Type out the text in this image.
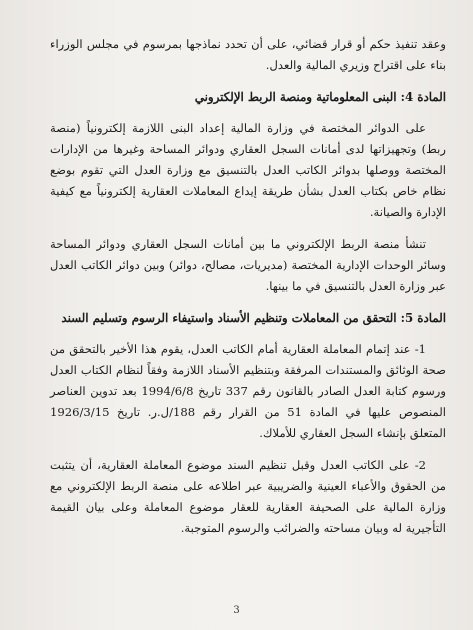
وعقد تنفيذ حكم أو قرار قضائي، على أن تحدد نماذجها بمرسوم في مجلس الوزراء بناء على اقتراح وزيري المالية والعدل.

المادة 4: البنى المعلوماتية ومنصة الربط الإلكتروني

على الدوائر المختصة في وزارة المالية إعداد البنى اللازمة إلكترونياً (منصة ربط) وتجهيزاتها لدى أمانات السجل العقاري ودوائر المساحة وغيرها من الإدارات المختصة ووصلها بدوائر الكاتب العدل بالتنسيق مع وزارة العدل التي تقوم بوضع نظام خاص بكتاب العدل بشأن طريقة إيداع المعاملات العقارية إلكترونياً مع كيفية الإدارة والصيانة.

تنشأ منصة الربط الإلكتروني ما بين أمانات السجل العقاري ودوائر المساحة وسائر الوحدات الإدارية المختصة (مديريات، مصالح، دوائر) وبين دوائر الكاتب العدل عبر وزارة العدل بالتنسيق في ما بينها.

المادة 5: التحقق من المعاملات وتنظيم الأسناد واستيفاء الرسوم وتسليم السند

1- عند إتمام المعاملة العقارية أمام الكاتب العدل، يقوم هذا الأخير بالتحقق من صحة الوثائق والمستندات المرفقة وبتنظيم الأسناد اللازمة وفقاً لنظام الكتاب العدل ورسوم كتابة العدل الصادر بالقانون رقم 337 تاريخ 1994/6/8 بعد تدوين العناصر المنصوص عليها في المادة 51 من القرار رقم 188/ل.ر. تاريخ 1926/3/15 المتعلق بإنشاء السجل العقاري للأملاك.

2- على الكاتب العدل وقبل تنظيم السند موضوع المعاملة العقارية، أن يتثبت من الحقوق والأعباء العينية والضريبية عبر اطلاعه على منصة الربط الإلكتروني مع وزارة المالية على الصحيفة العقارية للعقار موضوع المعاملة وعلى بيان القيمة التأجيرية له وبيان مساحته والضرائب والرسوم المتوجبة.

3
